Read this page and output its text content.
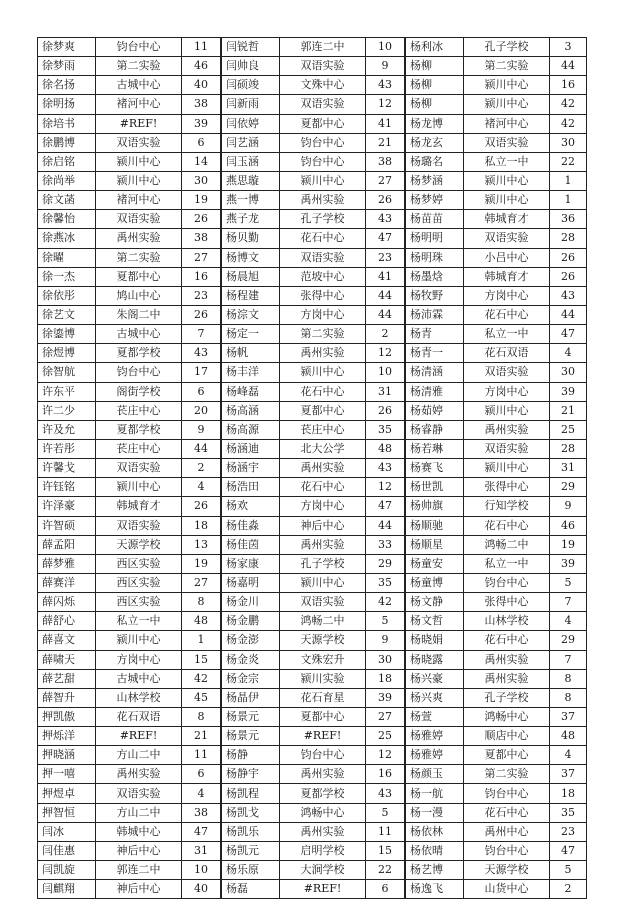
徐梦爽	钧台中心	11
徐梦雨	第二实验	46
徐名扬	古城中心	40
徐明扬	褚河中心	38
徐培书	#REF!	39
徐鹏博	双语实验	6
徐启铭	颍川中心	14
徐尚举	颍川中心	30
徐文菡	褚河中心	19
徐馨怡	双语实验	26
徐燕冰	禹州实验	38
徐曜	第二实验	27
徐一杰	夏都中心	16
徐依彤	鸠山中心	23
徐艺文	朱阁二中	26
徐鎏博	古城中心	7
徐煜博	夏都学校	43
徐智航	钧台中心	17
许东平	阁街学校	6
许二少	苌庄中心	20
许及允	夏都学校	9
许若彤	苌庄中心	44
许馨戈	双语实验	2
许钰铭	颍川中心	4
许泽豪	韩城育才	26
许智硕	双语实验	18
薛孟阳	天源学校	13
薛梦雅	西区实验	19
薛赛洋	西区实验	27
薛闪烁	西区实验	8
薛舒心	私立一中	48
薛喜文	颍川中心	1
薛啸天	方岗中心	15
薛艺甜	古城中心	42
薛智升	山林学校	45
押凯傲	花石双语	8
押烁洋	#REF!	21
押晓涵	方山二中	11
押一嘻	禹州实验	6
押煜卓	双语实验	4
押智恒	方山二中	38
闫冰	韩城中心	47
闫佳惠	神后中心	31
闫凯旋	郭连二中	10
闫麒翔	神后中心	40
闫锐哲	郭连二中	10
闫帅良	双语实验	9
闫硕竣	文殊中心	43
闫新雨	双语实验	12
闫依婷	夏都中心	41
闫艺涵	钧台中心	21
闫玉涵	钧台中心	38
燕思璇	颍川中心	27
燕一博	禹州实验	26
燕子龙	孔子学校	43
杨贝勤	花石中心	47
杨博文	双语实验	23
杨晨旭	范坡中心	41
杨程建	张得中心	44
杨淙文	方岗中心	44
杨定一	第二实验	2
杨帆	禹州实验	12
杨丰洋	颍川中心	10
杨峰磊	花石中心	31
杨高涵	夏都中心	26
杨高源	苌庄中心	35
杨涵迪	北大公学	48
杨涵宇	禹州实验	43
杨浩田	花石中心	12
杨欢	方岗中心	47
杨佳淼	神后中心	44
杨佳茵	禹州实验	33
杨家康	孔子学校	29
杨嘉明	颍川中心	35
杨金川	双语实验	42
杨金鹏	鸿畅二中	5
杨金澎	天源学校	9
杨金炎	文殊宏升	30
杨金宗	颍川实验	18
杨晶伊	花石育星	39
杨景元	夏都中心	27
杨景元	#REF!	25
杨静	钧台中心	12
杨静宇	禹州实验	16
杨凯程	夏都学校	43
杨凯戈	鸿畅中心	5
杨凯乐	禹州实验	11
杨凯元	启明学校	15
杨乐原	大涧学校	22
杨磊	#REF!	6
杨利冰	孔子学校	3
杨柳	第二实验	44
杨柳	颍川中心	16
杨柳	颍川中心	42
杨龙博	褚河中心	42
杨龙玄	双语实验	30
杨璐名	私立一中	22
杨梦涵	颍川中心	1
杨梦婷	颍川中心	1
杨苗苗	韩城育才	36
杨明明	双语实验	28
杨明珠	小吕中心	26
杨墨焓	韩城育才	26
杨牧野	方岗中心	43
杨沛霖	花石中心	44
杨青	私立一中	47
杨青一	花石双语	4
杨清涵	双语实验	30
杨清雅	方岗中心	39
杨茹婷	颍川中心	21
杨睿静	禹州实验	25
杨若琳	双语实验	28
杨赛飞	颍川中心	31
杨世凯	张得中心	29
杨帅旗	行知学校	9
杨顺驰	花石中心	46
杨顺星	鸿畅二中	19
杨童安	私立一中	39
杨童博	钧台中心	5
杨文静	张得中心	7
杨文哲	山林学校	4
杨晓娟	花石中心	29
杨晓露	禹州实验	7
杨兴豪	禹州实验	8
杨兴爽	孔子学校	8
杨萱	鸿畅中心	37
杨雅婷	顺店中心	48
杨雅婷	夏都中心	4
杨颜玉	第二实验	37
杨一航	钧台中心	18
杨一漫	花石中心	35
杨依林	禹州中心	23
杨依晴	钧台中心	47
杨艺博	天源学校	5
杨逸飞	山货中心	2
